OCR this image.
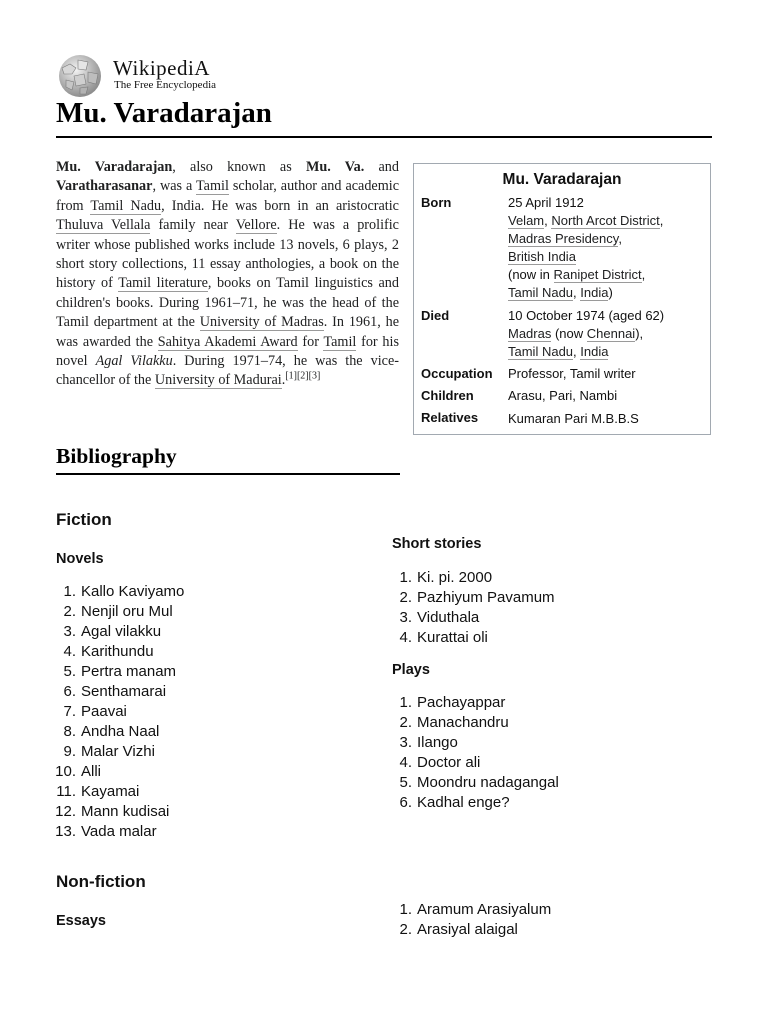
WikipediA
The Free Encyclopedia
Mu. Varadarajan

Mu. Varadarajan, also known as Mu. Va. and Varatharasanar, was a Tamil scholar, author and academic from Tamil Nadu, India. He was born in an aristocratic Thuluva Vellala family near Vellore. He was a prolific writer whose published works include 13 novels, 6 plays, 2 short story collections, 11 essay anthologies, a book on the history of Tamil literature, books on Tamil linguistics and children's books. During 1961–71, he was the head of the Tamil department at the University of Madras. In 1961, he was awarded the Sahitya Akademi Award for Tamil for his novel Agal Vilakku. During 1971–74, he was the vice-chancellor of the University of Madurai.[1][2][3]

Mu. Varadarajan
Born	25 April 1912
Velam, North Arcot District,
Madras Presidency,
British India
(now in Ranipet District,
Tamil Nadu, India)
Died	10 October 1974 (aged 62)
Madras (now Chennai),
Tamil Nadu, India
Occupation Professor, Tamil writer
Children	Arasu, Pari, Nambi
Relatives Kumaran Pari M.B.B.S
Bibliography
Fiction
Novels
1. Kallo Kaviyamo
2. Nenjil oru Mul
3. Agal vilakku
4. Karithundu
5. Pertra manam
6. Senthamarai
7. Paavai
8. Andha Naal
9. Malar Vizhi
10. Alli
11. Kayamai
12. Mann kudisai
13. Vada malar
Short stories
1. Ki. pi. 2000
2. Pazhiyum Pavamum
3. Viduthala
4. Kurattai oli
Plays
1. Pachayappar
2. Manachandru
3. Ilango
4. Doctor ali
5. Moondru nadagangal
6. Kadhal enge?
Non-fiction
Essays
1. Aramum Arasiyalum
2. Arasiyal alaigal
